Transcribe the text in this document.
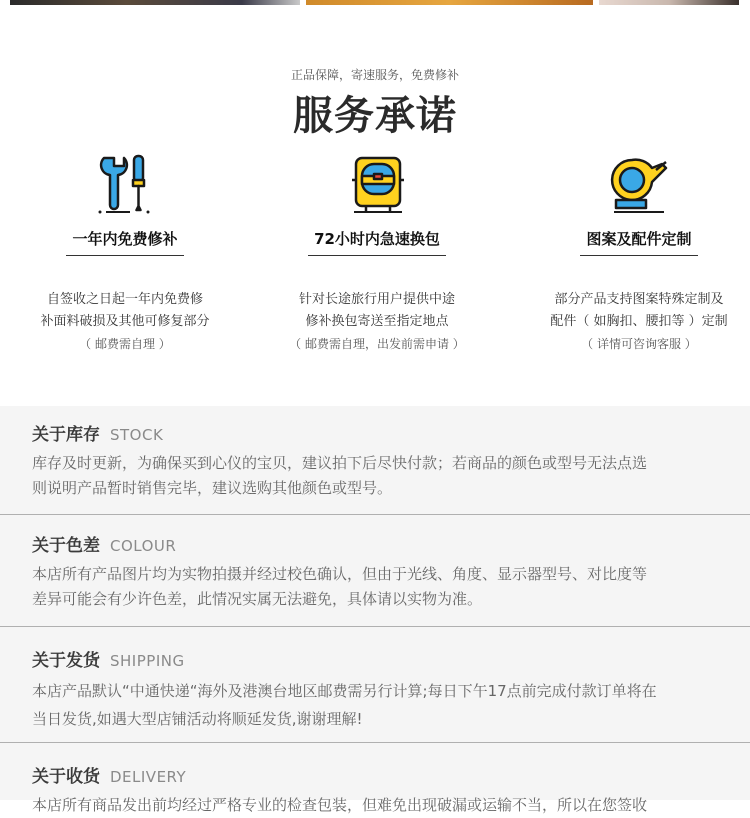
正品保障，寄速服务，免费修补
服务承诺
一年内免费修补
自签收之日起一年内免费修
补面料破损及其他可修复部分
（ 邮费需自理 ）
72小时内急速换包
针对长途旅行用户提供中途
修补换包寄送至指定地点
（ 邮费需自理，出发前需申请 ）
图案及配件定制
部分产品支持图案特殊定制及
配件（ 如胸扣、腰扣等 ）定制
（ 详情可咨询客服 ）
关于库存 STOCK
库存及时更新，为确保买到心仪的宝贝，建议拍下后尽快付款；若商品的颜色或型号无法点选
则说明产品暂时销售完毕，建议选购其他颜色或型号。
关于色差 COLOUR
本店所有产品图片均为实物拍摄并经过校色确认，但由于光线、角度、显示器型号、对比度等
差异可能会有少许色差，此情况实属无法避免，具体请以实物为准。
关于发货 SHIPPING
本店产品默认“中通快递“海外及港澳台地区邮费需另行计算;每日下午17点前完成付款订单将在
当日发货,如遇大型店铺活动将顺延发货,谢谢理解!
关于收货 DELIVERY
本店所有商品发出前均经过严格专业的检查包装，但难免出现破漏或运输不当，所以在您签收
